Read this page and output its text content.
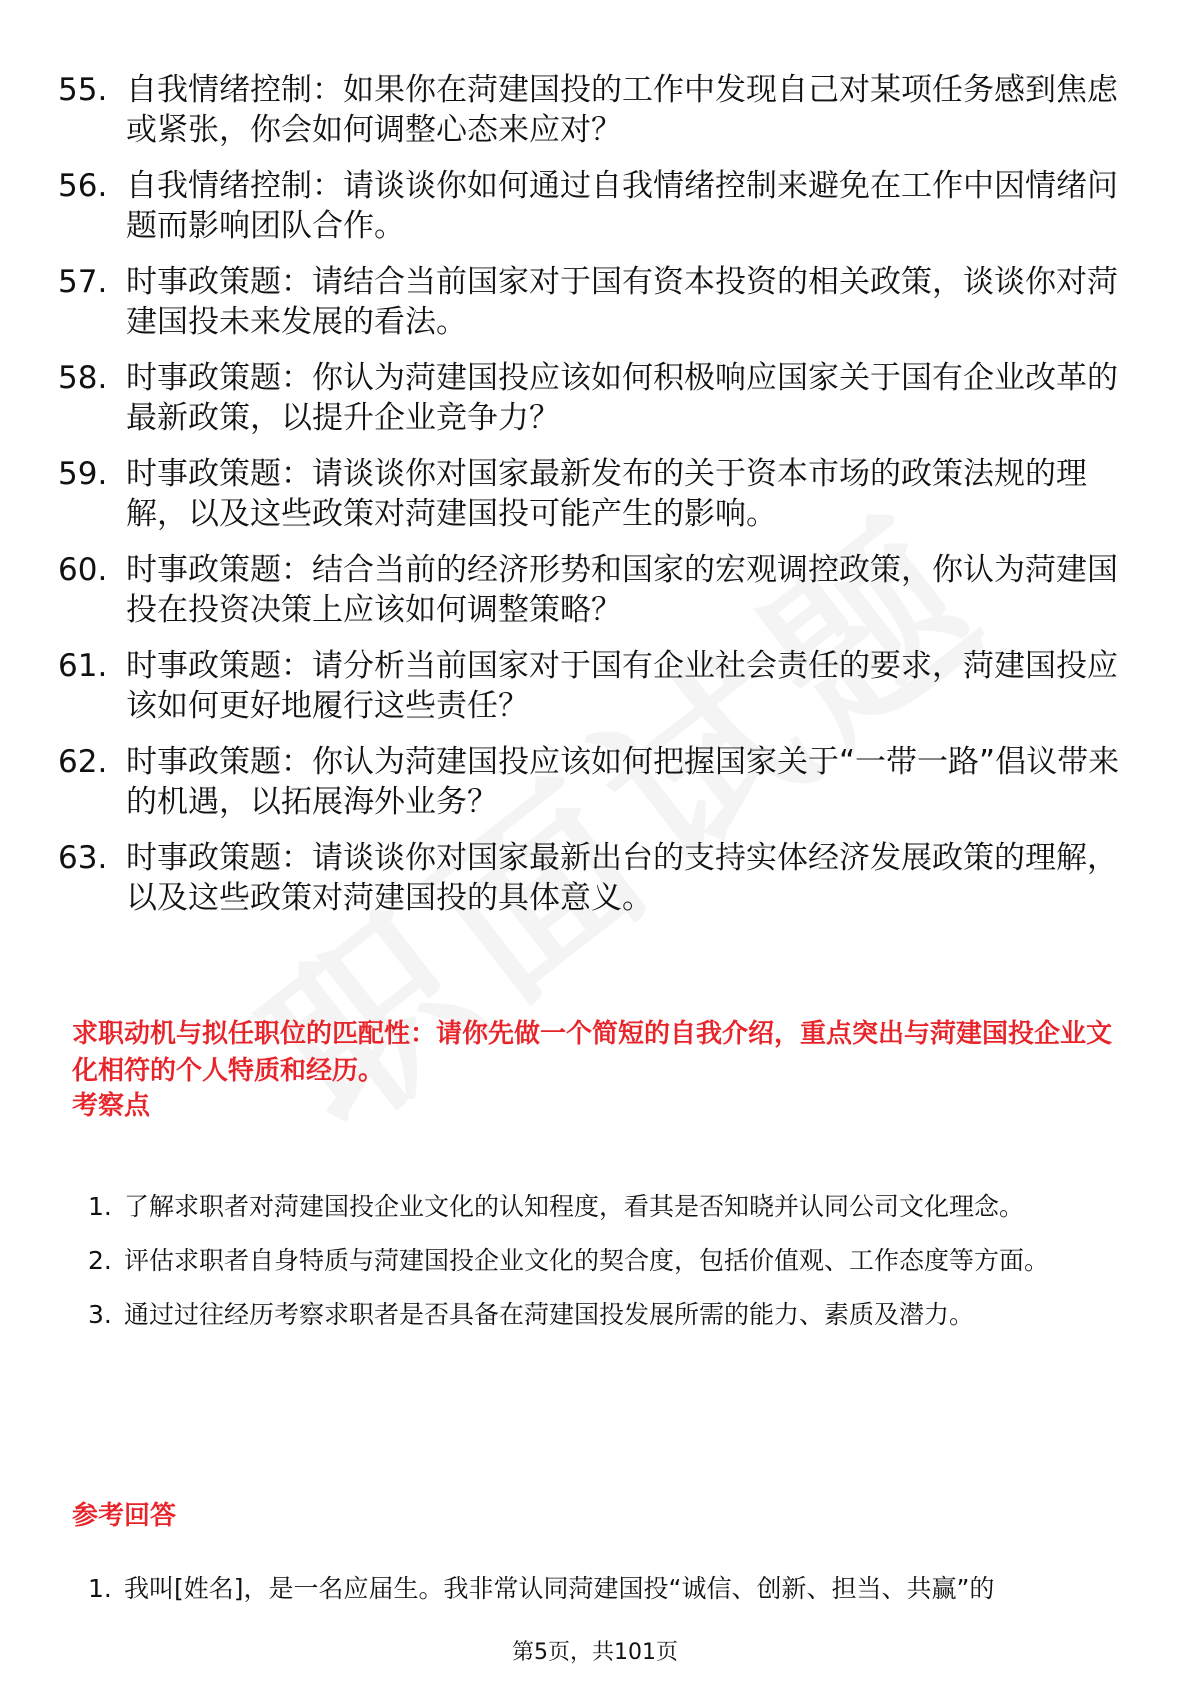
55. 自我情绪控制：如果你在菏建国投的工作中发现自己对某项任务感到焦虑或紧张，你会如何调整心态来应对？
56. 自我情绪控制：请谈谈你如何通过自我情绪控制来避免在工作中因情绪问题而影响团队合作。
57. 时事政策题：请结合当前国家对于国有资本投资的相关政策，谈谈你对菏建国投未来发展的看法。
58. 时事政策题：你认为菏建国投应该如何积极响应国家关于国有企业改革的最新政策，以提升企业竞争力？
59. 时事政策题：请谈谈你对国家最新发布的关于资本市场的政策法规的理解，以及这些政策对菏建国投可能产生的影响。
60. 时事政策题：结合当前的经济形势和国家的宏观调控政策，你认为菏建国投在投资决策上应该如何调整策略？
61. 时事政策题：请分析当前国家对于国有企业社会责任的要求，菏建国投应该如何更好地履行这些责任？
62. 时事政策题：你认为菏建国投应该如何把握国家关于“一带一路”倡议带来的机遇，以拓展海外业务？
63. 时事政策题：请谈谈你对国家最新出台的支持实体经济发展政策的理解，以及这些政策对菏建国投的具体意义。
求职动机与拟任职位的匹配性：请你先做一个简短的自我介绍，重点突出与菏建国投企业文化相符的个人特质和经历。
考察点
1. 了解求职者对菏建国投企业文化的认知程度，看其是否知晓并认同公司文化理念。
2. 评估求职者自身特质与菏建国投企业文化的契合度，包括价值观、工作态度等方面。
3. 通过过往经历考察求职者是否具备在菏建国投发展所需的能力、素质及潜力。
参考回答
1. 我叫[姓名]，是一名应届生。我非常认同菏建国投“诚信、创新、担当、共赢”的
第5页，共101页
